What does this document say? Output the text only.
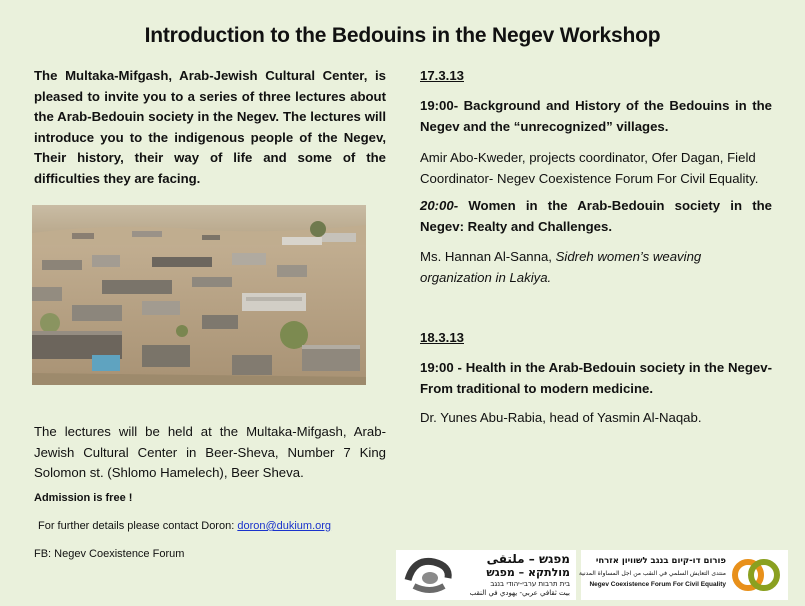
Introduction to the Bedouins in the Negev Workshop
The Multaka-Mifgash, Arab-Jewish Cultural Center, is pleased to invite you to a series of three lectures about the Arab-Bedouin society in the Negev. The lectures will introduce you to the indigenous people of the Negev, Their history, their way of life and some of the difficulties they are facing.
The lectures will be held at the Multaka-Mifgash, Arab-Jewish Cultural Center in Beer-Sheva, Number 7 King Solomon st. (Shlomo Hamelech), Beer Sheva.
Admission is free !
For further details please contact Doron: doron@dukium.org
FB: Negev Coexistence Forum
17.3.13
19:00- Background and History of the Bedouins in the Negev and the “unrecognized” villages.
Amir Abo-Kweder, projects coordinator, Ofer Dagan, Field Coordinator- Negev Coexistence Forum For Civil Equality.
20:00- Women in the Arab-Bedouin society in the Negev: Realty and Challenges.
Ms. Hannan Al-Sanna, Sidreh women’s weaving organization in Lakiya.
18.3.13
19:00 - Health in the Arab-Bedouin society in the Negev- From traditional to modern medicine.
Dr. Yunes Abu-Rabia, head of Yasmin Al-Naqab.
מפגש – ملتقى
מולתקא – מפגש
בית תרבות ערבי-יהודי בנגב
بيت ثقافي عربي- يهودي في النقب
פורום דו-קיום בנגב לשוויון אזרחי
منتدى التعايش السلمي في النقب من اجل المساواة المدنية
Negev Coexistence Forum For Civil Equality
